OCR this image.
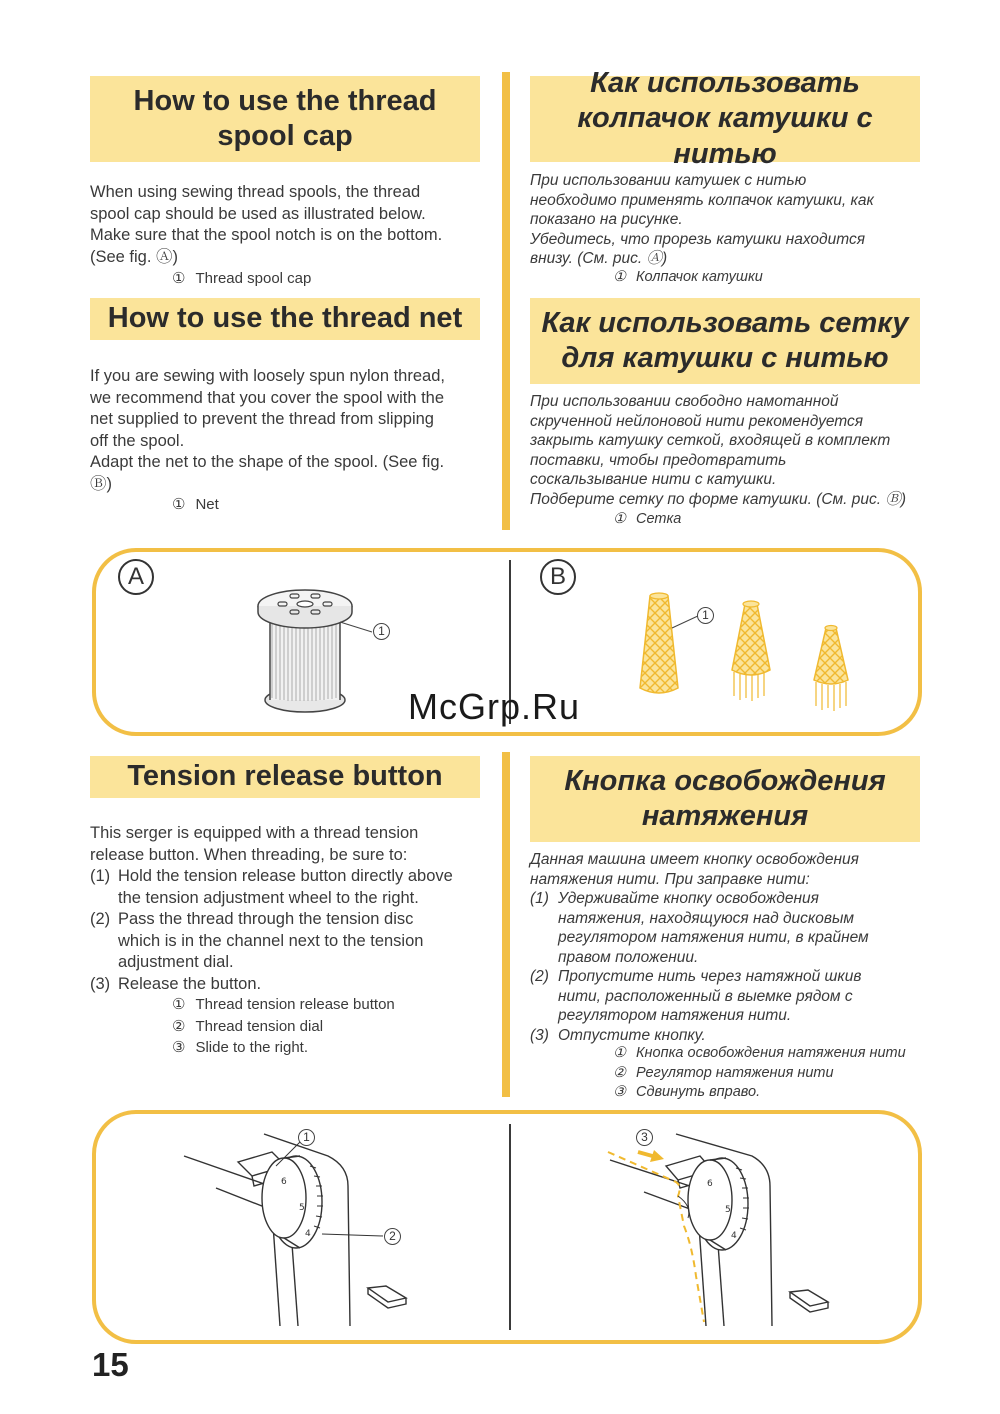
How to use the thread spool cap

When using sewing thread spools, the thread

spool cap should be used as illustrated below.

Make sure that the spool notch is on the bottom.

(See fig. Ⓐ)

① Thread spool cap
Как использовать колпачок катушки с нитью

При использовании катушек с нитью

необходимо применять колпачок катушки, как

показано на рисунке.

Убедитесь, что прорезь катушки находится

внизу. (См. рис. Ⓐ)

① Колпачок катушки
How to use the thread net

If you are sewing with loosely spun nylon thread,

we recommend that you cover the spool with the

net supplied to prevent the thread from slipping

off the spool.

Adapt the net to the shape of the spool. (See fig.

Ⓑ)

① Net
Как использовать сетку для катушки с нитью

При использовании свободно намотанной

скрученной нейлоновой нити рекомендуется

закрыть катушку сеткой, входящей в комплект

поставки, чтобы предотвратить

соскальзывание нити с катушки.

Подберите сетку по форме катушки. (См. рис. Ⓑ)

① Сетка
A	B
1
1
McGrp.Ru
Tension release button

This serger is equipped with a thread tension

release button. When threading, be sure to:

(1) Hold the tension release button directly above

the tension adjustment wheel to the right.

(2) Pass the thread through the tension disc

which is in the channel next to the tension

adjustment dial.

(3) Release the button.

① Thread tension release button
② Thread tension dial
③ Slide to the right.
Кнопка освобождения натяжения

Данная машина имеет кнопку освобождения

натяжения нити. При заправке нити:

(1) Удерживайте кнопку освобождения

натяжения, находящуюся над дисковым

регулятором натяжения нити, в крайнем

правом положении.

(2) Пропустите нить через натяжной шкив

нити, расположенный в выемке рядом с

регулятором натяжения нити.

(3) Отпустите кнопку.

① Кнопка освобождения натяжения нити
② Регулятор натяжения нити
③ Сдвинуть вправо.
6
5
4
1
2
6
5
4
3
15
